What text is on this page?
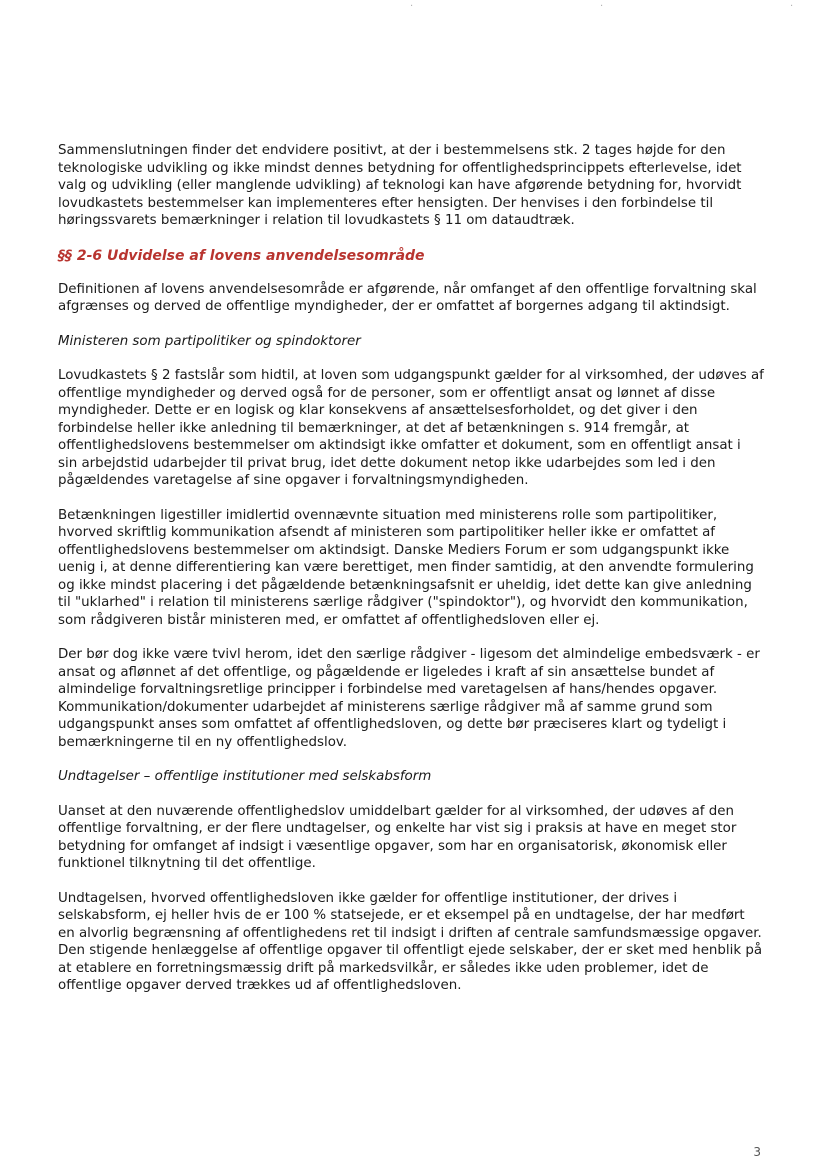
·	·	·

Sammenslutningen finder det endvidere positivt, at der i bestemmelsens stk. 2 tages højde for den teknologiske udvikling og ikke mindst dennes betydning for offentlighedsprincippets efterlevelse, idet valg og udvikling (eller manglende udvikling) af teknologi kan have afgørende betydning for, hvorvidt lovudkastets bestemmelser kan implementeres efter hensigten. Der henvises i den forbindelse til høringssvarets bemærkninger i relation til lovudkastets § 11 om dataudtræk.

§§ 2-6 Udvidelse af lovens anvendelsesområde

Definitionen af lovens anvendelsesområde er afgørende, når omfanget af den offentlige forvaltning skal afgrænses og derved de offentlige myndigheder, der er omfattet af borgernes adgang til aktindsigt.

Ministeren som partipolitiker og spindoktorer

Lovudkastets § 2 fastslår som hidtil, at loven som udgangspunkt gælder for al virksomhed, der udøves af offentlige myndigheder og derved også for de personer, som er offentligt ansat og lønnet af disse myndigheder. Dette er en logisk og klar konsekvens af ansættelsesforholdet, og det giver i den forbindelse heller ikke anledning til bemærkninger, at det af betænkningen s. 914 fremgår, at offentlighedslovens bestemmelser om aktindsigt ikke omfatter et dokument, som en offentligt ansat i sin arbejdstid udarbejder til privat brug, idet dette dokument netop ikke udarbejdes som led i den pågældendes varetagelse af sine opgaver i forvaltningsmyndigheden.

Betænkningen ligestiller imidlertid ovennævnte situation med ministerens rolle som partipolitiker, hvorved skriftlig kommunikation afsendt af ministeren som partipolitiker heller ikke er omfattet af offentlighedslovens bestemmelser om aktindsigt. Danske Mediers Forum er som udgangspunkt ikke uenig i, at denne differentiering kan være berettiget, men finder samtidig, at den anvendte formulering og ikke mindst placering i det pågældende betænkningsafsnit er uheldig, idet dette kan give anledning til "uklarhed" i relation til ministerens særlige rådgiver ("spindoktor"), og hvorvidt den kommunikation, som rådgiveren bistår ministeren med, er omfattet af offentlighedsloven eller ej.

Der bør dog ikke være tvivl herom, idet den særlige rådgiver - ligesom det almindelige embedsværk - er ansat og aflønnet af det offentlige, og pågældende er ligeledes i kraft af sin ansættelse bundet af almindelige forvaltningsretlige principper i forbindelse med varetagelsen af hans/hendes opgaver. Kommunikation/dokumenter udarbejdet af ministerens særlige rådgiver må af samme grund som udgangspunkt anses som omfattet af offentlighedsloven, og dette bør præciseres klart og tydeligt i bemærkningerne til en ny offentlighedslov.

Undtagelser – offentlige institutioner med selskabsform

Uanset at den nuværende offentlighedslov umiddelbart gælder for al virksomhed, der udøves af den offentlige forvaltning, er der flere undtagelser, og enkelte har vist sig i praksis at have en meget stor betydning for omfanget af indsigt i væsentlige opgaver, som har en organisatorisk, økonomisk eller funktionel tilknytning til det offentlige.

Undtagelsen, hvorved offentlighedsloven ikke gælder for offentlige institutioner, der drives i selskabsform, ej heller hvis de er 100 % statsejede, er et eksempel på en undtagelse, der har medført en alvorlig begrænsning af offentlighedens ret til indsigt i driften af centrale samfundsmæssige opgaver. Den stigende henlæggelse af offentlige opgaver til offentligt ejede selskaber, der er sket med henblik på at etablere en forretningsmæssig drift på markedsvilkår, er således ikke uden problemer, idet de offentlige opgaver derved trækkes ud af offentlighedsloven.

3
